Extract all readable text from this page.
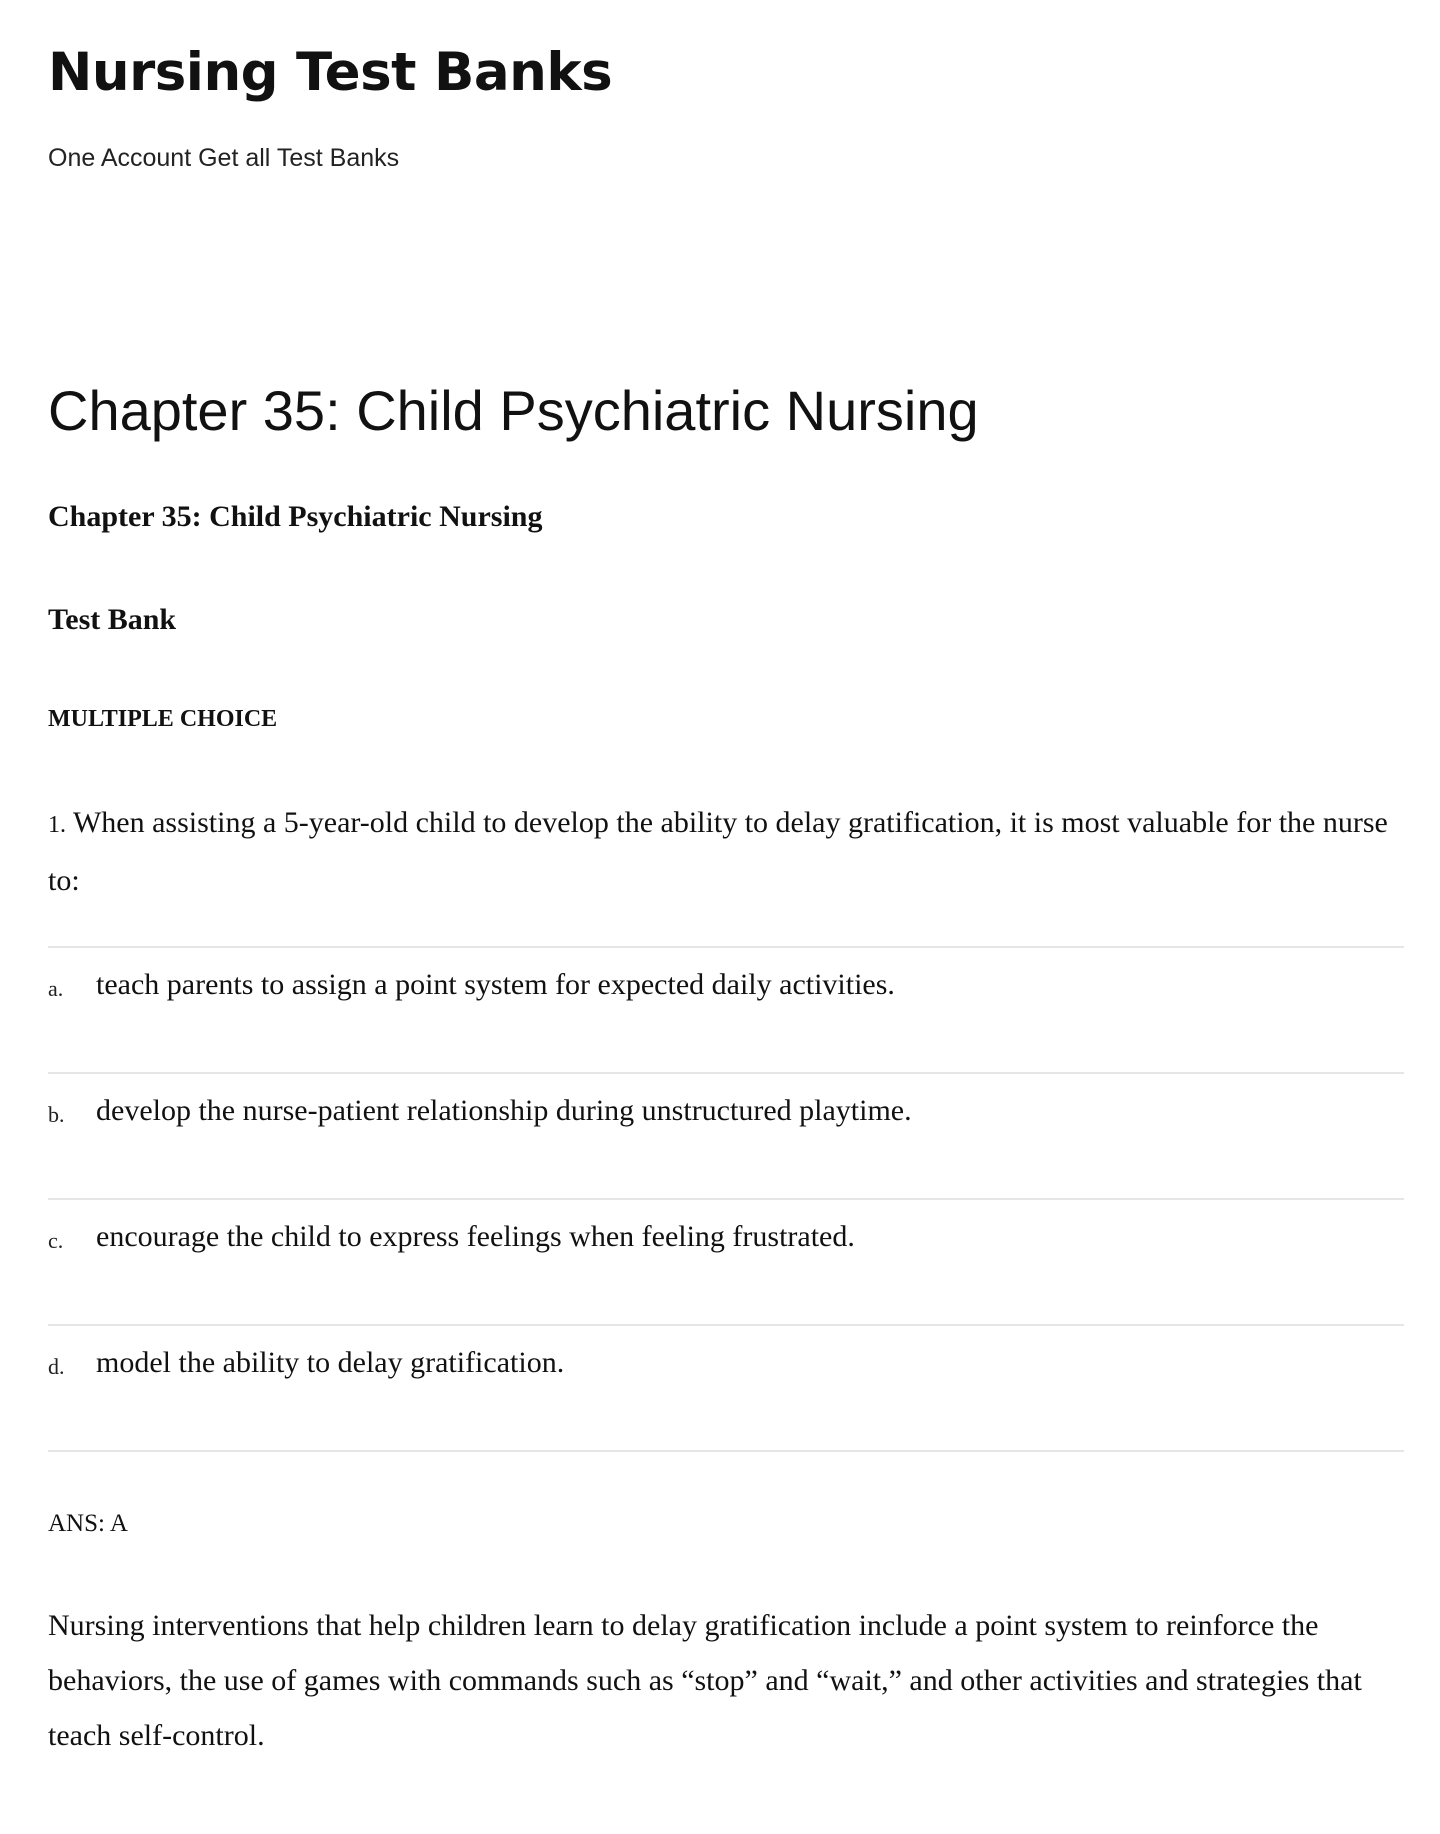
Nursing Test Banks

One Account Get all Test Banks

Chapter 35: Child Psychiatric Nursing

Chapter 35: Child Psychiatric Nursing

Test Bank

MULTIPLE CHOICE

1. When assisting a 5-year-old child to develop the ability to delay gratification, it is most valuable for the nurse to:

a. teach parents to assign a point system for expected daily activities.
b. develop the nurse-patient relationship during unstructured playtime.
c. encourage the child to express feelings when feeling frustrated.
d. model the ability to delay gratification.

ANS: A

Nursing interventions that help children learn to delay gratification include a point system to reinforce the behaviors, the use of games with commands such as “stop” and “wait,” and other activities and strategies that teach self-control.
